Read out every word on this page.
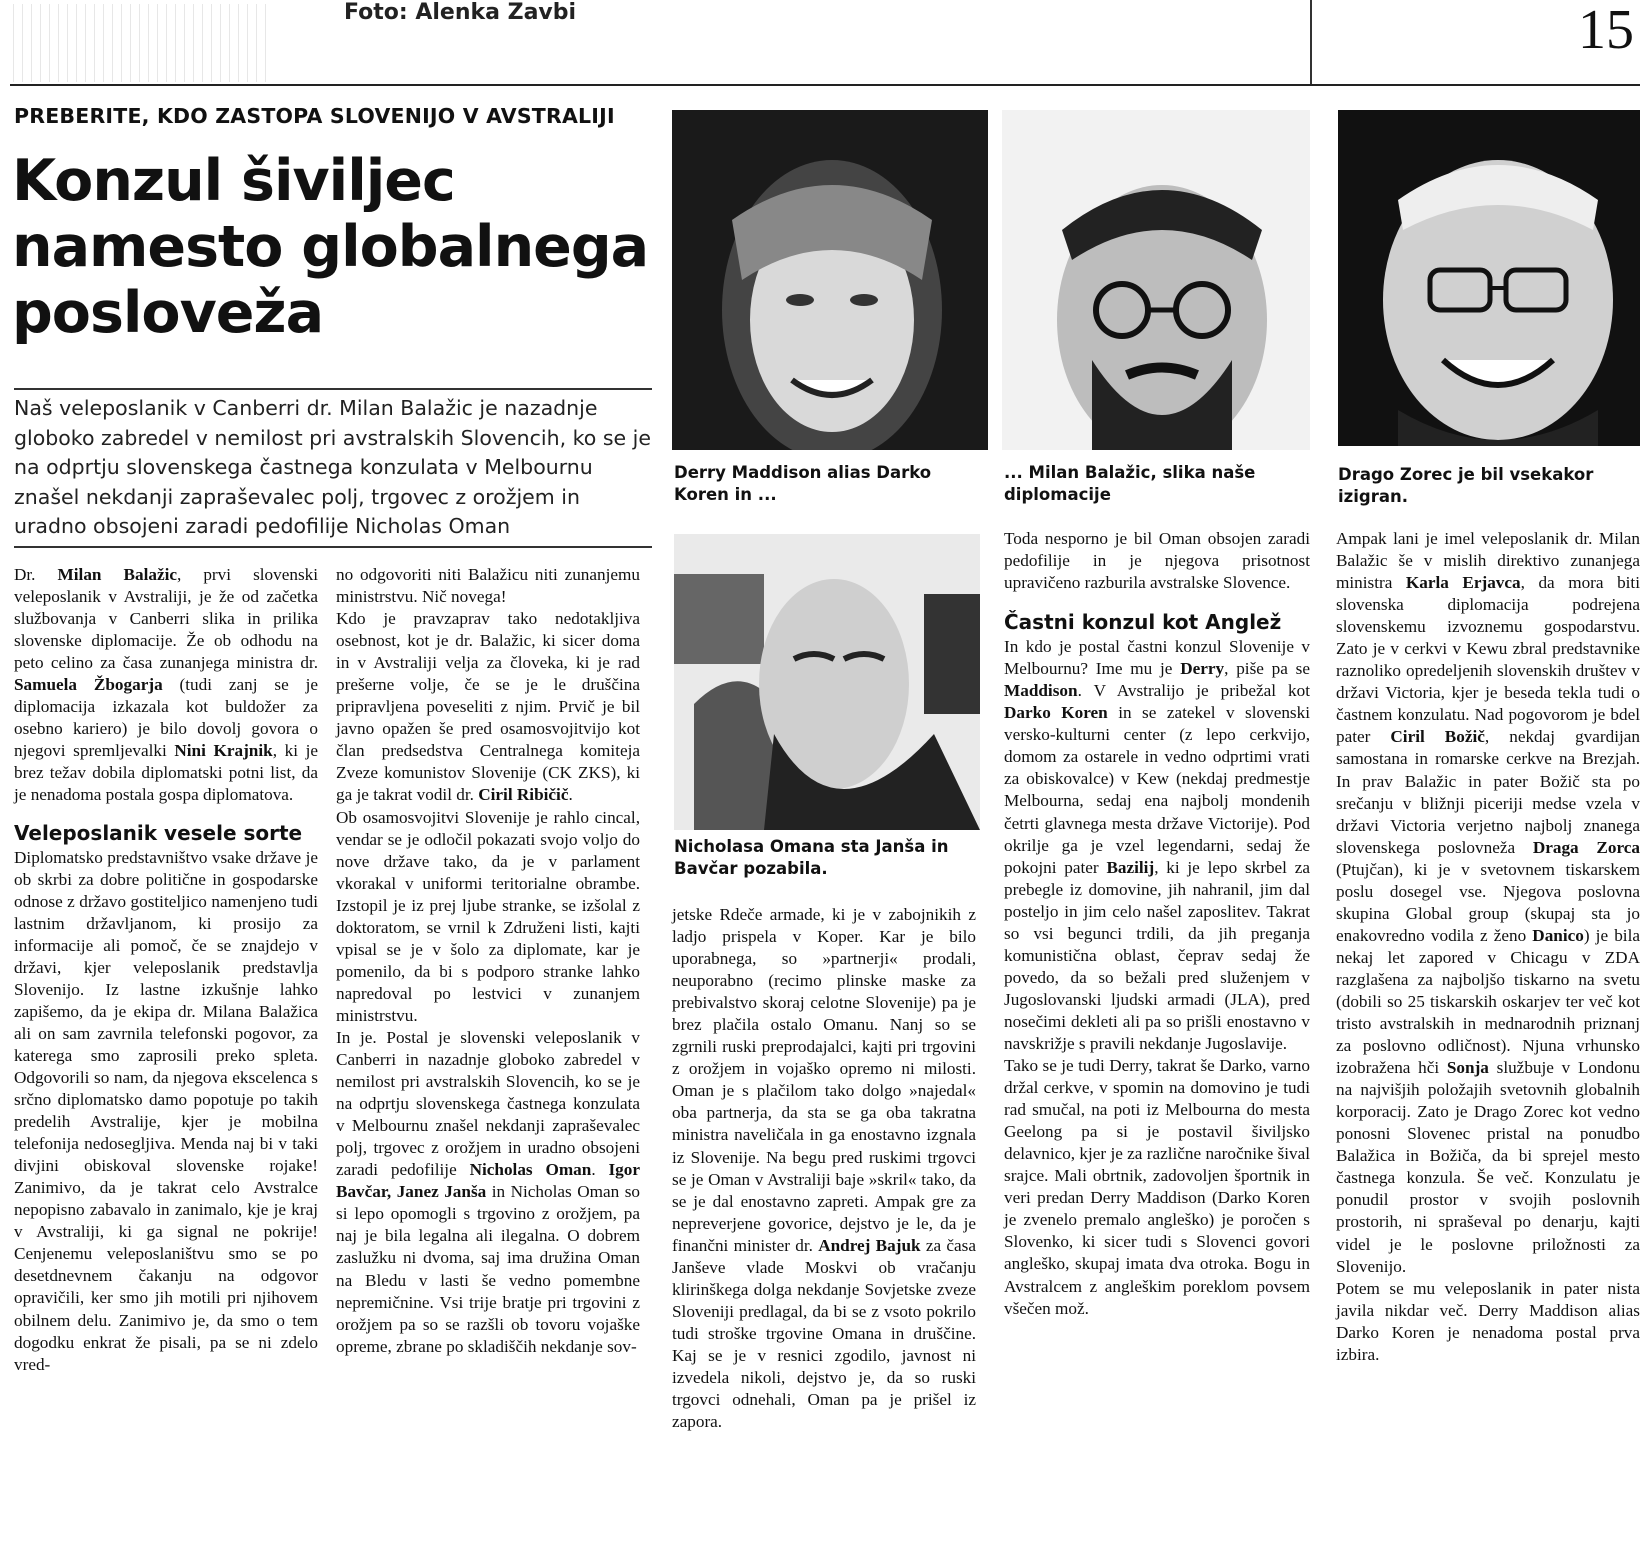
Foto: Alenka Zavbi	15
PREBERITE, KDO ZASTOPA SLOVENIJO V AVSTRALIJI
Konzul šiviljec namesto globalnega posloveža
Naš veleposlanik v Canberri dr. Milan Balažic je nazadnje globoko zabredel v nemilost pri avstralskih Slovencih, ko se je na odprtju slovenskega častnega konzulata v Melbournu znašel nekdanji zapraševalec polj, trgovec z orožjem in uradno obsojeni zaradi pedofilije Nicholas Oman

Dr. Milan Balažic, prvi slovenski veleposlanik v Avstraliji, je že od začetka službovanja v Canberri slika in prilika slovenske diplomacije. Že ob odhodu na peto celino za časa zunanjega ministra dr. Samuela Žbogarja (tudi zanj se je diplomacija izkazala kot buldožer za osebno kariero) je bilo dovolj govora o njegovi spremljevalki Nini Krajnik, ki je brez težav dobila diplomatski potni list, da je nenadoma postala gospa diplomatova.

Veleposlanik vesele sorte

Diplomatsko predstavništvo vsake države je ob skrbi za dobre politične in gospodarske odnose z državo gostiteljico namenjeno tudi lastnim državljanom, ki prosijo za informacije ali pomoč, če se znajdejo v državi, kjer veleposlanik predstavlja Slovenijo. Iz lastne izkušnje lahko zapišemo, da je ekipa dr. Milana Balažica ali on sam zavrnila telefonski pogovor, za katerega smo zaprosili preko spleta. Odgovorili so nam, da njegova ekscelenca s srčno diplomatsko damo popotuje po takih predelih Avstralije, kjer je mobilna telefonija nedosegljiva. Menda naj bi v taki divjini obiskoval slovenske rojake! Zanimivo, da je takrat celo Avstralce nepopisno zabavalo in zanimalo, kje je kraj v Avstraliji, ki ga signal ne pokrije! Cenjenemu veleposlaništvu smo se po desetdnevnem čakanju na odgovor opravičili, ker smo jih motili pri njihovem obilnem delu. Zanimivo je, da smo o tem dogodku enkrat že pisali, pa se ni zdelo vred-

no odgovoriti niti Balažicu niti zunanjemu ministrstvu. Nič novega!
Kdo je pravzaprav tako nedotakljiva osebnost, kot je dr. Balažic, ki sicer doma in v Avstraliji velja za človeka, ki je rad prešerne volje, če se je le druščina pripravljena poveseliti z njim. Prvič je bil javno opažen še pred osamosvojitvijo kot član predsedstva Centralnega komiteja Zveze komunistov Slovenije (CK ZKS), ki ga je takrat vodil dr. Ciril Ribičič.
Ob osamosvojitvi Slovenije je rahlo cincal, vendar se je odločil pokazati svojo voljo do nove države tako, da je v parlament vkorakal v uniformi teritorialne obrambe. Izstopil je iz prej ljube stranke, se izšolal z doktoratom, se vrnil k Združeni listi, kajti vpisal se je v šolo za diplomate, kar je pomenilo, da bi s podporo stranke lahko napredoval po lestvici v zunanjem ministrstvu.
In je. Postal je slovenski veleposlanik v Canberri in nazadnje globoko zabredel v nemilost pri avstralskih Slovencih, ko se je na odprtju slovenskega častnega konzulata v Melbournu znašel nekdanji zapraševalec polj, trgovec z orožjem in uradno obsojeni zaradi pedofilije Nicholas Oman. Igor Bavčar, Janez Janša in Nicholas Oman so si lepo opomogli s trgovino z orožjem, pa naj je bila legalna ali ilegalna. O dobrem zaslužku ni dvoma, saj ima družina Oman na Bledu v lasti še vedno pomembne nepremičnine. Vsi trije bratje pri trgovini z orožjem pa so se razšli ob tovoru vojaške opreme, zbrane po skladiščih nekdanje sov-

Derry Maddison alias Darko Koren in ...
... Milan Balažic, slika naše diplomacije
Drago Zorec je bil vsekakor izigran.
Nicholasa Omana sta Janša in Bavčar pozabila.

jetske Rdeče armade, ki je v zabojnikih z ladjo prispela v Koper. Kar je bilo uporabnega, so »partnerji« prodali, neuporabno (recimo plinske maske za prebivalstvo skoraj celotne Slovenije) pa je brez plačila ostalo Omanu. Nanj so se zgrnili ruski preprodajalci, kajti pri trgovini z orožjem in vojaško opremo ni milosti. Oman je s plačilom tako dolgo »najedal« oba partnerja, da sta se ga oba takratna ministra naveličala in ga enostavno izgnala iz Slovenije. Na begu pred ruskimi trgovci se je Oman v Avstraliji baje »skril« tako, da se je dal enostavno zapreti. Ampak gre za nepreverjene govorice, dejstvo je le, da je finančni minister dr. Andrej Bajuk za časa Janševe vlade Moskvi ob vračanju klirinškega dolga nekdanje Sovjetske zveze Sloveniji predlagal, da bi se z vsoto pokrilo tudi stroške trgovine Omana in druščine. Kaj se je v resnici zgodilo, javnost ni izvedela nikoli, dejstvo je, da so ruski trgovci odnehali, Oman pa je prišel iz zapora.

Toda nesporno je bil Oman obsojen zaradi pedofilije in je njegova prisotnost upravičeno razburila avstralske Slovence.

Častni konzul kot Anglež

In kdo je postal častni konzul Slovenije v Melbournu? Ime mu je Derry, piše pa se Maddison. V Avstralijo je pribežal kot Darko Koren in se zatekel v slovenski versko-kulturni center (z lepo cerkvijo, domom za ostarele in vedno odprtimi vrati za obiskovalce) v Kew (nekdaj predmestje Melbourna, sedaj ena najbolj mondenih četrti glavnega mesta države Victorije). Pod okrilje ga je vzel legendarni, sedaj že pokojni pater Bazilij, ki je lepo skrbel za prebegle iz domovine, jih nahranil, jim dal posteljo in jim celo našel zaposlitev. Takrat so vsi begunci trdili, da jih preganja komunistična oblast, čeprav sedaj že povedo, da so bežali pred služenjem v Jugoslovanski ljudski armadi (JLA), pred nosečimi dekleti ali pa so prišli enostavno v navskrižje s pravili nekdanje Jugoslavije.
Tako se je tudi Derry, takrat še Darko, varno držal cerkve, v spomin na domovino je tudi rad smučal, na poti iz Melbourna do mesta Geelong pa si je postavil šiviljsko delavnico, kjer je za različne naročnike šival srajce. Mali obrtnik, zadovoljen športnik in veri predan Derry Maddison (Darko Koren je zvenelo premalo angleško) je poročen s Slovenko, ki sicer tudi s Slovenci govori angleško, skupaj imata dva otroka. Bogu in Avstralcem z angleškim poreklom povsem všečen mož.

Ampak lani je imel veleposlanik dr. Milan Balažic še v mislih direktivo zunanjega ministra Karla Erjavca, da mora biti slovenska diplomacija podrejena slovenskemu izvoznemu gospodarstvu. Zato je v cerkvi v Kewu zbral predstavnike raznoliko opredeljenih slovenskih društev v državi Victoria, kjer je beseda tekla tudi o častnem konzulatu. Nad pogovorom je bdel pater Ciril Božič, nekdaj gvardijan samostana in romarske cerkve na Brezjah. In prav Balažic in pater Božič sta po srečanju v bližnji piceriji medse vzela v državi Victoria verjetno najbolj znanega slovenskega poslovneža Draga Zorca (Ptujčan), ki je v svetovnem tiskarskem poslu dosegel vse. Njegova poslovna skupina Global group (skupaj sta jo enakovredno vodila z ženo Danico) je bila nekaj let zapored v Chicagu v ZDA razglašena za najboljšo tiskarno na svetu (dobili so 25 tiskarskih oskarjev ter več kot tristo avstralskih in mednarodnih priznanj za poslovno odličnost). Njuna vrhunsko izobražena hči Sonja službuje v Londonu na najvišjih položajih svetovnih globalnih korporacij. Zato je Drago Zorec kot vedno ponosni Slovenec pristal na ponudbo Balažica in Božiča, da bi sprejel mesto častnega konzula. Še več. Konzulatu je ponudil prostor v svojih poslovnih prostorih, ni spraševal po denarju, kajti videl je le poslovne priložnosti za Slovenijo.
Potem se mu veleposlanik in pater nista javila nikdar več. Derry Maddison alias Darko Koren je nenadoma postal prva izbira.
